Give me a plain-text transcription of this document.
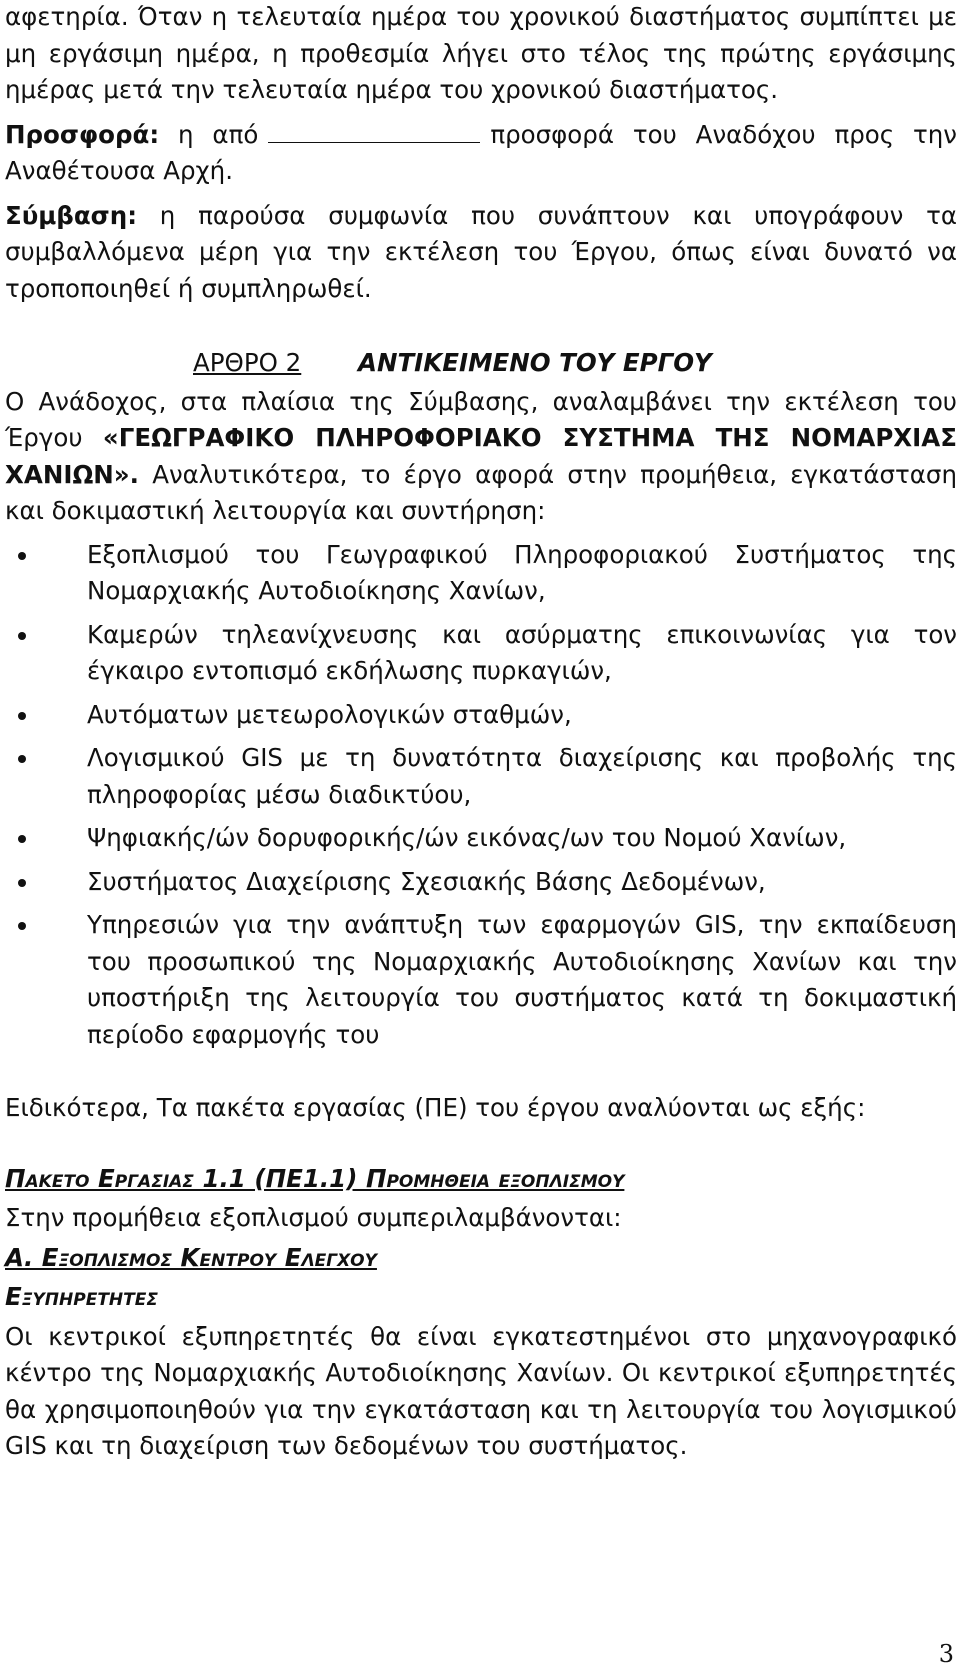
αφετηρία. Όταν η τελευταία ημέρα του χρονικού διαστήματος συμπίπτει με μη εργάσιμη ημέρα, η προθεσμία λήγει στο τέλος της πρώτης εργάσιμης ημέρας μετά την τελευταία ημέρα του χρονικού διαστήματος.

Προσφορά: η από	προσφορά του Αναδόχου προς την Αναθέτουσα Αρχή.

Σύμβαση: η παρούσα συμφωνία που συνάπτουν και υπογράφουν τα συμβαλλόμενα μέρη για την εκτέλεση του Έργου, όπως είναι δυνατό να τροποποιηθεί ή συμπληρωθεί.

ΑΡΘΡΟ 2 ΑΝΤΙΚΕΙΜΕΝΟ ΤΟΥ ΕΡΓΟΥ

Ο Ανάδοχος, στα πλαίσια της Σύμβασης, αναλαμβάνει την εκτέλεση του Έργου «ΓΕΩΓΡΑΦΙΚΟ ΠΛΗΡΟΦΟΡΙΑΚΟ ΣΥΣΤΗΜΑ ΤΗΣ ΝΟΜΑΡΧΙΑΣ ΧΑΝΙΩΝ». Αναλυτικότερα, το έργο αφορά στην προμήθεια, εγκατάσταση και δοκιμαστική λειτουργία και συντήρηση:

Εξοπλισμού του Γεωγραφικού Πληροφοριακού Συστήματος της Νομαρχιακής Αυτοδιοίκησης Χανίων,
Καμερών τηλεανίχνευσης και ασύρματης επικοινωνίας για τον έγκαιρο εντοπισμό εκδήλωσης πυρκαγιών,
Αυτόματων μετεωρολογικών σταθμών,
Λογισμικού GIS με τη δυνατότητα διαχείρισης και προβολής της πληροφορίας μέσω διαδικτύου,
Ψηφιακής/ών δορυφορικής/ών εικόνας/ων του Νομού Χανίων,
Συστήματος Διαχείρισης Σχεσιακής Βάσης Δεδομένων,
Υπηρεσιών για την ανάπτυξη των εφαρμογών GIS, την εκπαίδευση του προσωπικού της Νομαρχιακής Αυτοδιοίκησης Χανίων και την υποστήριξη της λειτουργία του συστήματος κατά τη δοκιμαστική περίοδο εφαρμογής του

Ειδικότερα, Τα πακέτα εργασίας (ΠΕ) του έργου αναλύονται ως εξής:

Πακετο Εργασιας 1.1 (ΠΕ1.1) Προμηθεια εξοπλισμου

Στην προμήθεια εξοπλισμού συμπεριλαμβάνονται:

Α. Εξοπλισμος Κεντρου Ελεγχου

Εξυπηρετητες

Οι κεντρικοί εξυπηρετητές θα είναι εγκατεστημένοι στο μηχανογραφικό κέντρο της Νομαρχιακής Αυτοδιοίκησης Χανίων. Οι κεντρικοί εξυπηρετητές θα χρησιμοποιηθούν για την εγκατάσταση και τη λειτουργία του λογισμικού GIS και τη διαχείριση των δεδομένων του συστήματος.

3
